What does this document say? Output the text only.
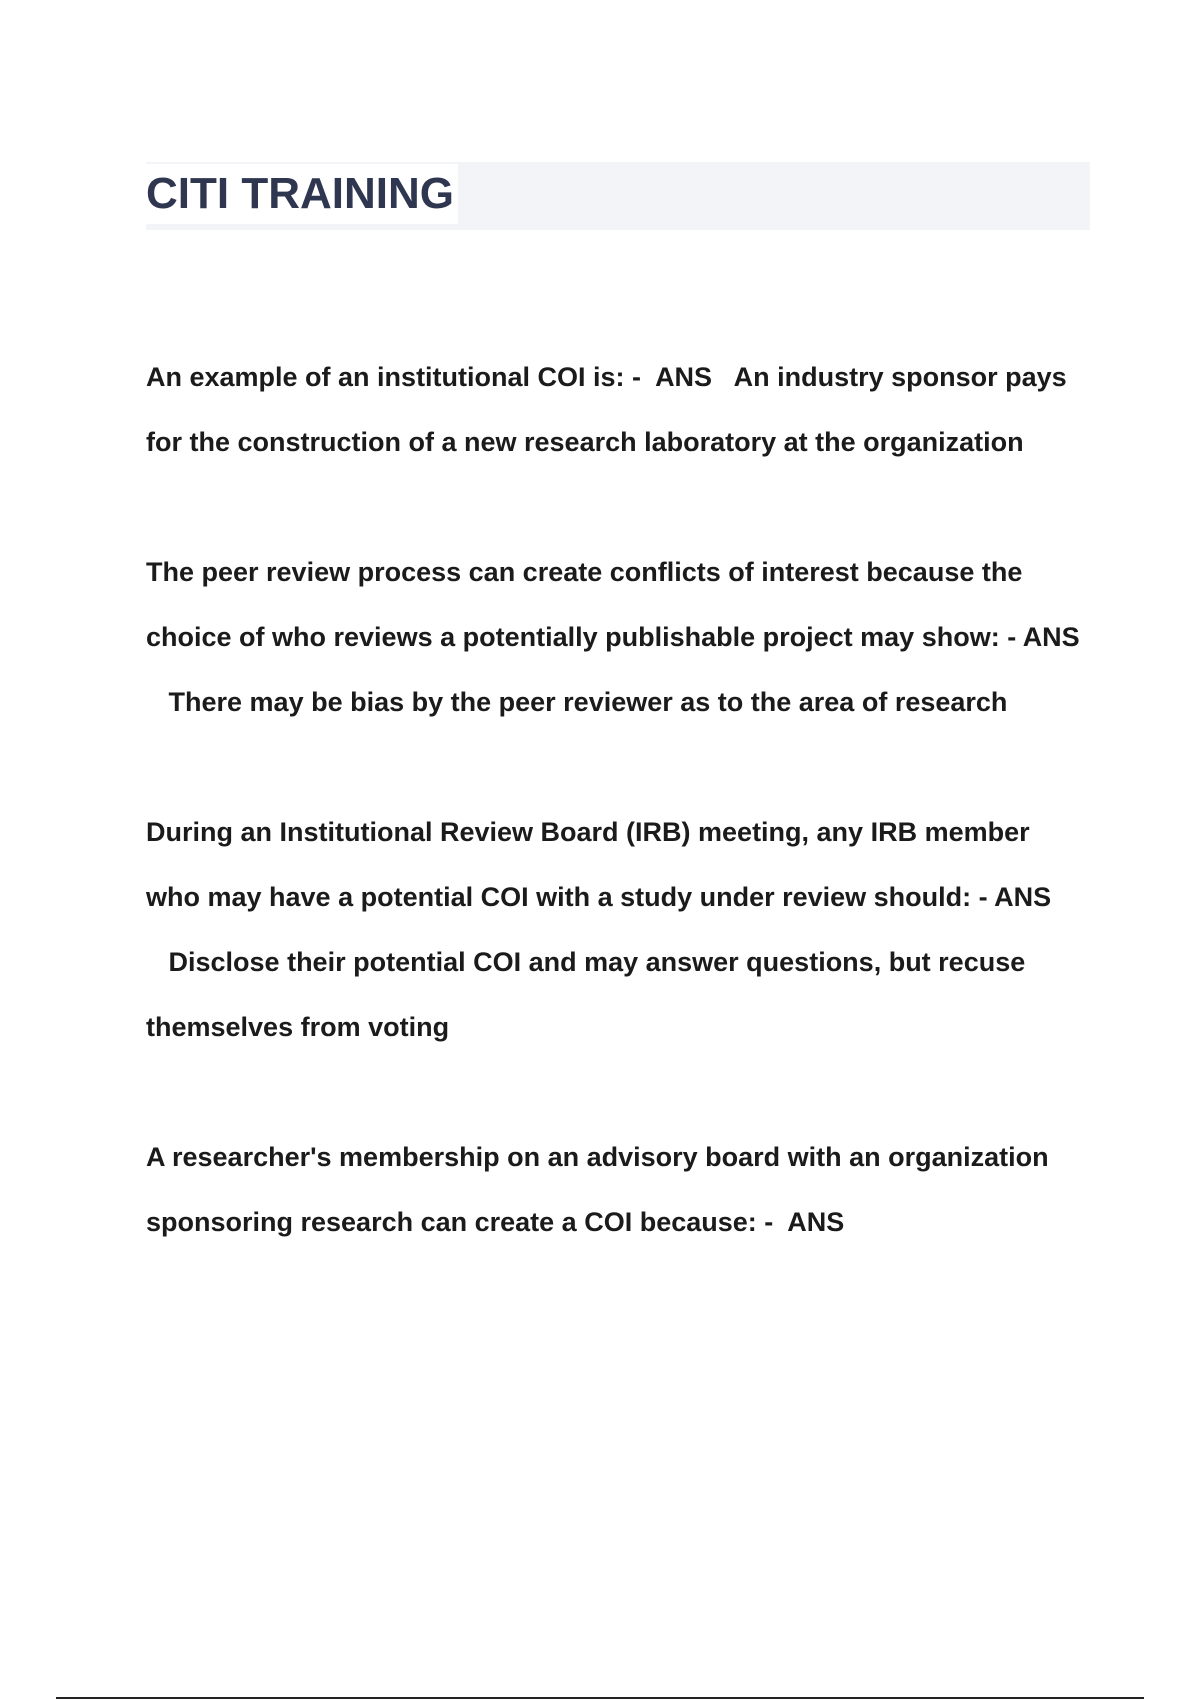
CITI TRAINING

An example of an institutional COI is: - ANS An industry sponsor pays for the construction of a new research laboratory at the organization

The peer review process can create conflicts of interest because the choice of who reviews a potentially publishable project may show: - ANS   There may be bias by the peer reviewer as to the area of research

During an Institutional Review Board (IRB) meeting, any IRB member who may have a potential COI with a study under review should: - ANS   Disclose their potential COI and may answer questions, but recuse themselves from voting

A researcher's membership on an advisory board with an organization sponsoring research can create a COI because: - ANS
